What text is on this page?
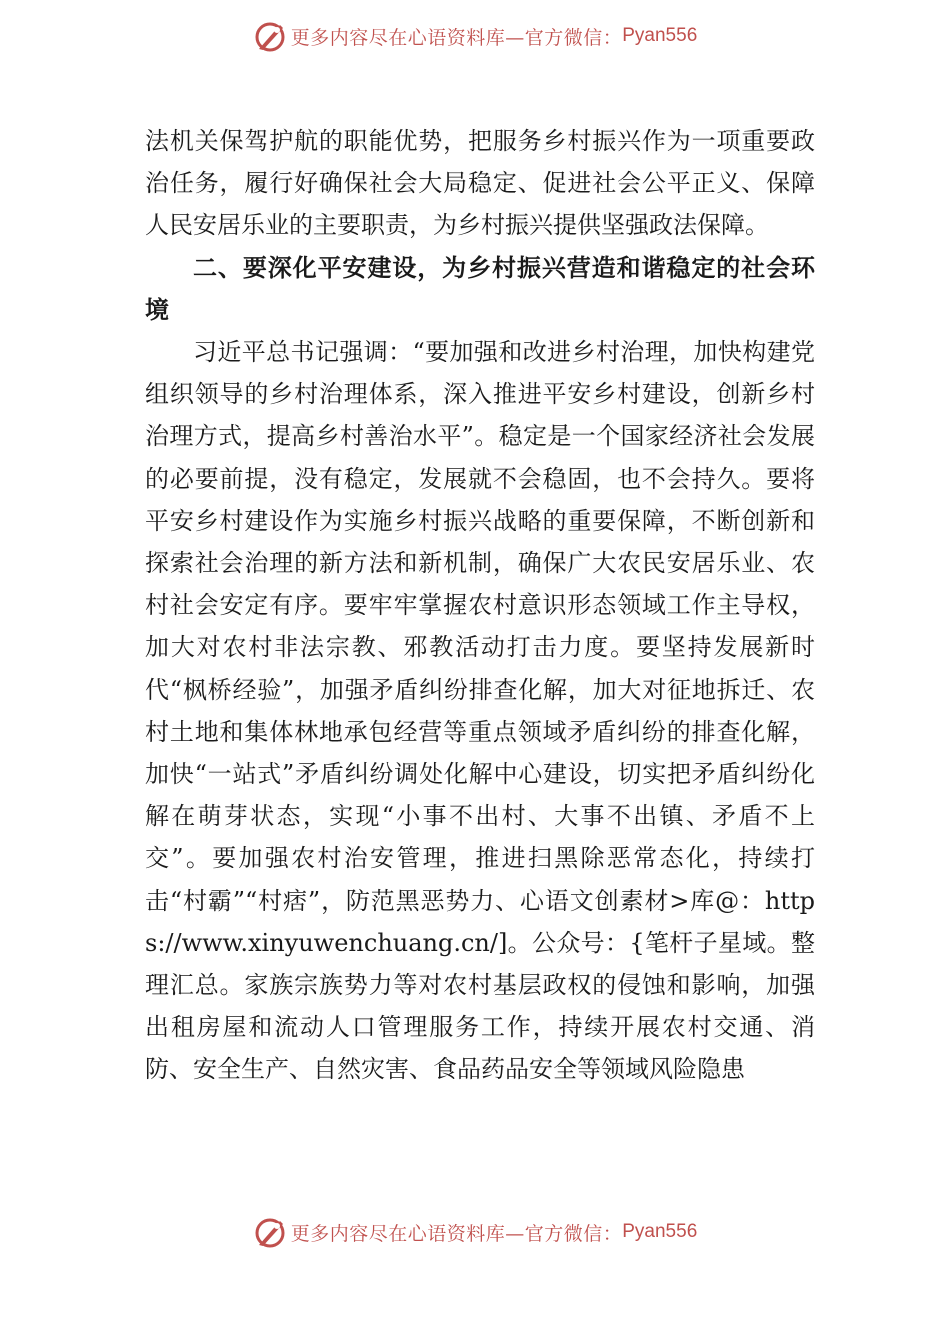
更多内容尽在心语资料库—官方微信： Pyan556

法机关保驾护航的职能优势，把服务乡村振兴作为一项重要政治任务，履行好确保社会大局稳定、促进社会公平正义、保障人民安居乐业的主要职责，为乡村振兴提供坚强政法保障。

二、要深化平安建设，为乡村振兴营造和谐稳定的社会环境

习近平总书记强调：“要加强和改进乡村治理，加快构建党组织领导的乡村治理体系，深入推进平安乡村建设，创新乡村治理方式，提高乡村善治水平”。稳定是一个国家经济社会发展的必要前提，没有稳定，发展就不会稳固，也不会持久。要将平安乡村建设作为实施乡村振兴战略的重要保障，不断创新和探索社会治理的新方法和新机制，确保广大农民安居乐业、农村社会安定有序。要牢牢掌握农村意识形态领域工作主导权，加大对农村非法宗教、邪教活动打击力度。要坚持发展新时代“枫桥经验”，加强矛盾纠纷排查化解，加大对征地拆迁、农村土地和集体林地承包经营等重点领域矛盾纠纷的排查化解，加快“一站式”矛盾纠纷调处化解中心建设，切实把矛盾纠纷化解在萌芽状态，实现“小事不出村、大事不出镇、矛盾不上交”。要加强农村治安管理，推进扫黑除恶常态化，持续打击“村霸”“村痞”，防范黑恶势力、心语文创素材>库@：https://www.xinyuwenchuang.cn/]。公众号：{笔杆子星域。整理汇总。家族宗族势力等对农村基层政权的侵蚀和影响，加强出租房屋和流动人口管理服务工作，持续开展农村交通、消防、安全生产、自然灾害、食品药品安全等领域风险隐患

更多内容尽在心语资料库—官方微信： Pyan556
